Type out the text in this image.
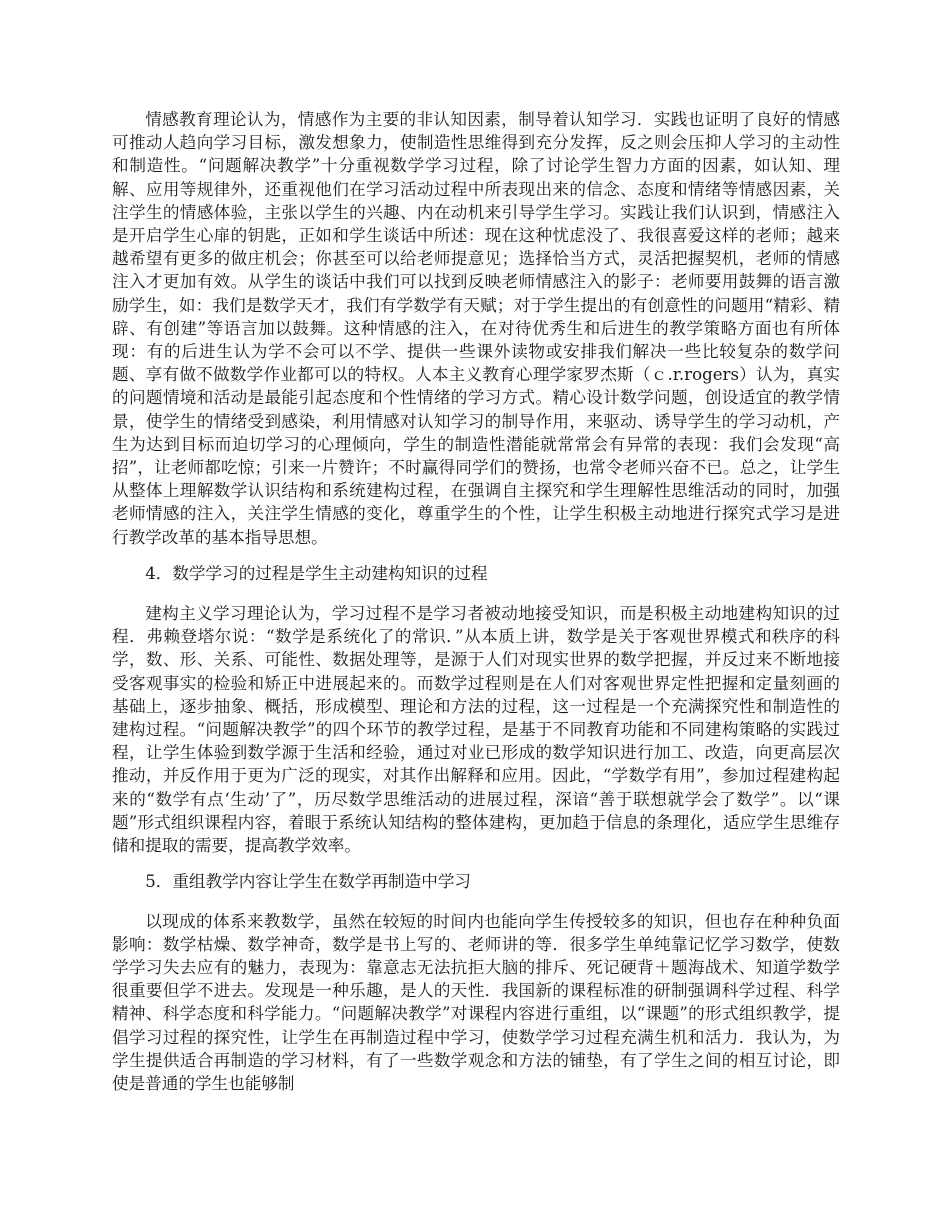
情感教育理论认为，情感作为主要的非认知因素，制导着认知学习．实践也证明了良好的情感可推动人趋向学习目标，激发想象力，使制造性思维得到充分发挥，反之则会压抑人学习的主动性和制造性。“问题解决教学”十分重视数学学习过程，除了讨论学生智力方面的因素，如认知、理解、应用等规律外，还重视他们在学习活动过程中所表现出来的信念、态度和情绪等情感因素，关注学生的情感体验，主张以学生的兴趣、内在动机来引导学生学习。实践让我们认识到，情感注入是开启学生心扉的钥匙，正如和学生谈话中所述：现在这种忧虑没了、我很喜爱这样的老师；越来越希望有更多的做庄机会；你甚至可以给老师提意见；选择恰当方式，灵活把握契机，老师的情感注入才更加有效。从学生的谈话中我们可以找到反映老师情感注入的影子：老师要用鼓舞的语言激励学生，如：我们是数学天才，我们有学数学有天赋；对于学生提出的有创意性的问题用“精彩、精辟、有创建”等语言加以鼓舞。这种情感的注入，在对待优秀生和后进生的教学策略方面也有所体现：有的后进生认为学不会可以不学、提供一些课外读物或安排我们解决一些比较复杂的数学问题、享有做不做数学作业都可以的特权。人本主义教育心理学家罗杰斯（ｃ.r.rogers）认为，真实的问题情境和活动是最能引起态度和个性情绪的学习方式。精心设计数学问题，创设适宜的教学情景，使学生的情绪受到感染，利用情感对认知学习的制导作用，来驱动、诱导学生的学习动机，产生为达到目标而迫切学习的心理倾向，学生的制造性潜能就常常会有异常的表现：我们会发现“高招”，让老师都吃惊；引来一片赞许；不时赢得同学们的赞扬，也常令老师兴奋不已。总之，让学生从整体上理解数学认识结构和系统建构过程，在强调自主探究和学生理解性思维活动的同时，加强老师情感的注入，关注学生情感的变化，尊重学生的个性，让学生积极主动地进行探究式学习是进行教学改革的基本指导思想。

4．数学学习的过程是学生主动建构知识的过程

建构主义学习理论认为，学习过程不是学习者被动地接受知识，而是积极主动地建构知识的过程．弗赖登塔尔说：“数学是系统化了的常识．”从本质上讲，数学是关于客观世界模式和秩序的科学，数、形、关系、可能性、数据处理等，是源于人们对现实世界的数学把握，并反过来不断地接受客观事实的检验和矫正中进展起来的。而数学过程则是在人们对客观世界定性把握和定量刻画的基础上，逐步抽象、概括，形成模型、理论和方法的过程，这一过程是一个充满探究性和制造性的建构过程。“问题解决教学”的四个环节的教学过程，是基于不同教育功能和不同建构策略的实践过程，让学生体验到数学源于生活和经验，通过对业已形成的数学知识进行加工、改造，向更高层次推动，并反作用于更为广泛的现实，对其作出解释和应用。因此，“学数学有用”，参加过程建构起来的“数学有点‘生动’了”，历尽数学思维活动的进展过程，深谙“善于联想就学会了数学”。以“课题”形式组织课程内容，着眼于系统认知结构的整体建构，更加趋于信息的条理化，适应学生思维存储和提取的需要，提高教学效率。

5．重组教学内容让学生在数学再制造中学习

以现成的体系来教数学，虽然在较短的时间内也能向学生传授较多的知识，但也存在种种负面影响：数学枯燥、数学神奇，数学是书上写的、老师讲的等．很多学生单纯靠记忆学习数学，使数学学习失去应有的魅力，表现为：靠意志无法抗拒大脑的排斥、死记硬背＋题海战术、知道学数学很重要但学不进去。发现是一种乐趣，是人的天性．我国新的课程标准的研制强调科学过程、科学精神、科学态度和科学能力。“问题解决教学”对课程内容进行重组，以“课题”的形式组织教学，提倡学习过程的探究性，让学生在再制造过程中学习，使数学学习过程充满生机和活力．我认为，为学生提供适合再制造的学习材料，有了一些数学观念和方法的铺垫，有了学生之间的相互讨论，即使是普通的学生也能够制
